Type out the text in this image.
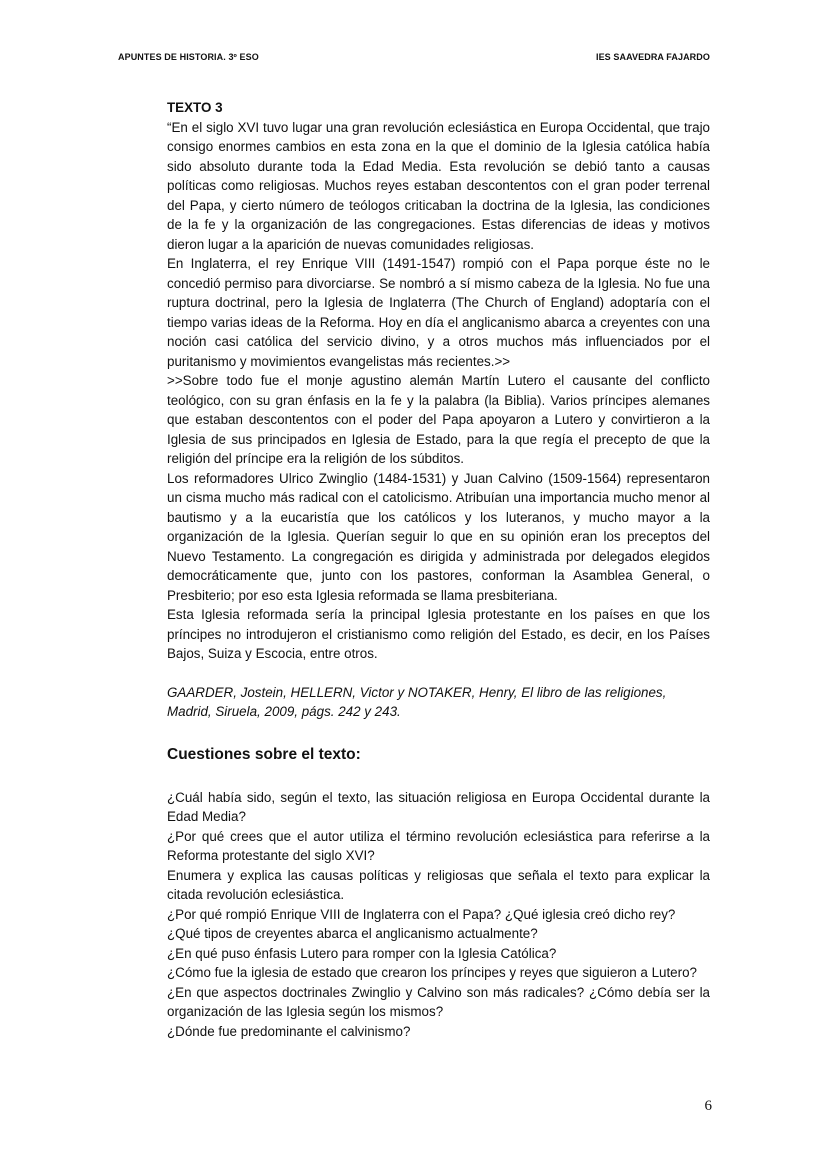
APUNTES DE HISTORIA. 3º ESO	IES SAAVEDRA FAJARDO

TEXTO 3

“En el siglo XVI tuvo lugar una gran revolución eclesiástica en Europa Occidental, que trajo consigo enormes cambios en esta zona en la que el dominio de la Iglesia católica había sido absoluto durante toda la Edad Media. Esta revolución se debió tanto a causas políticas como religiosas. Muchos reyes estaban descontentos con el gran poder terrenal del Papa, y cierto número de teólogos criticaban la doctrina de la Iglesia, las condiciones de la fe y la organización de las congregaciones. Estas diferencias de ideas y motivos dieron lugar a la aparición de nuevas comunidades religiosas.

En Inglaterra, el rey Enrique VIII (1491-1547) rompió con el Papa porque éste no le concedió permiso para divorciarse. Se nombró a sí mismo cabeza de la Iglesia. No fue una ruptura doctrinal, pero la Iglesia de Inglaterra (The Church of England) adoptaría con el tiempo varias ideas de la Reforma. Hoy en día el anglicanismo abarca a creyentes con una noción casi católica del servicio divino, y a otros muchos más influenciados por el puritanismo y movimientos evangelistas más recientes.>>

>>Sobre todo fue el monje agustino alemán Martín Lutero el causante del conflicto teológico, con su gran énfasis en la fe y la palabra (la Biblia). Varios príncipes alemanes que estaban descontentos con el poder del Papa apoyaron a Lutero y convirtieron a la Iglesia de sus principados en Iglesia de Estado, para la que regía el precepto de que la religión del príncipe era la religión de los súbditos.

Los reformadores Ulrico Zwinglio (1484-1531) y Juan Calvino (1509-1564) representaron un cisma mucho más radical con el catolicismo. Atribuían una importancia mucho menor al bautismo y a la eucaristía que los católicos y los luteranos, y mucho mayor a la organización de la Iglesia. Querían seguir lo que en su opinión eran los preceptos del Nuevo Testamento. La congregación es dirigida y administrada por delegados elegidos democráticamente que, junto con los pastores, conforman la Asamblea General, o Presbiterio; por eso esta Iglesia reformada se llama presbiteriana.

Esta Iglesia reformada sería la principal Iglesia protestante en los países en que los príncipes no introdujeron el cristianismo como religión del Estado, es decir, en los Países Bajos, Suiza y Escocia, entre otros.

GAARDER, Jostein, HELLERN, Victor y NOTAKER, Henry, El libro de las religiones, Madrid, Siruela, 2009, págs. 242 y 243.

Cuestiones sobre el texto:

¿Cuál había sido, según el texto, las situación religiosa en Europa Occidental durante la Edad Media?

¿Por qué crees que el autor utiliza el término revolución eclesiástica para referirse a la Reforma protestante del siglo XVI?

Enumera y explica las causas políticas y religiosas que señala el texto para explicar la citada revolución eclesiástica.

¿Por qué rompió Enrique VIII de Inglaterra con el Papa? ¿Qué iglesia creó dicho rey?

¿Qué tipos de creyentes abarca el anglicanismo actualmente?

¿En qué puso énfasis Lutero para romper con la Iglesia Católica?

¿Cómo fue la iglesia de estado que crearon los príncipes y reyes que siguieron a Lutero?

¿En que aspectos doctrinales Zwinglio y Calvino son más radicales? ¿Cómo debía ser la organización de las Iglesia según los mismos?

¿Dónde fue predominante el calvinismo?

6
